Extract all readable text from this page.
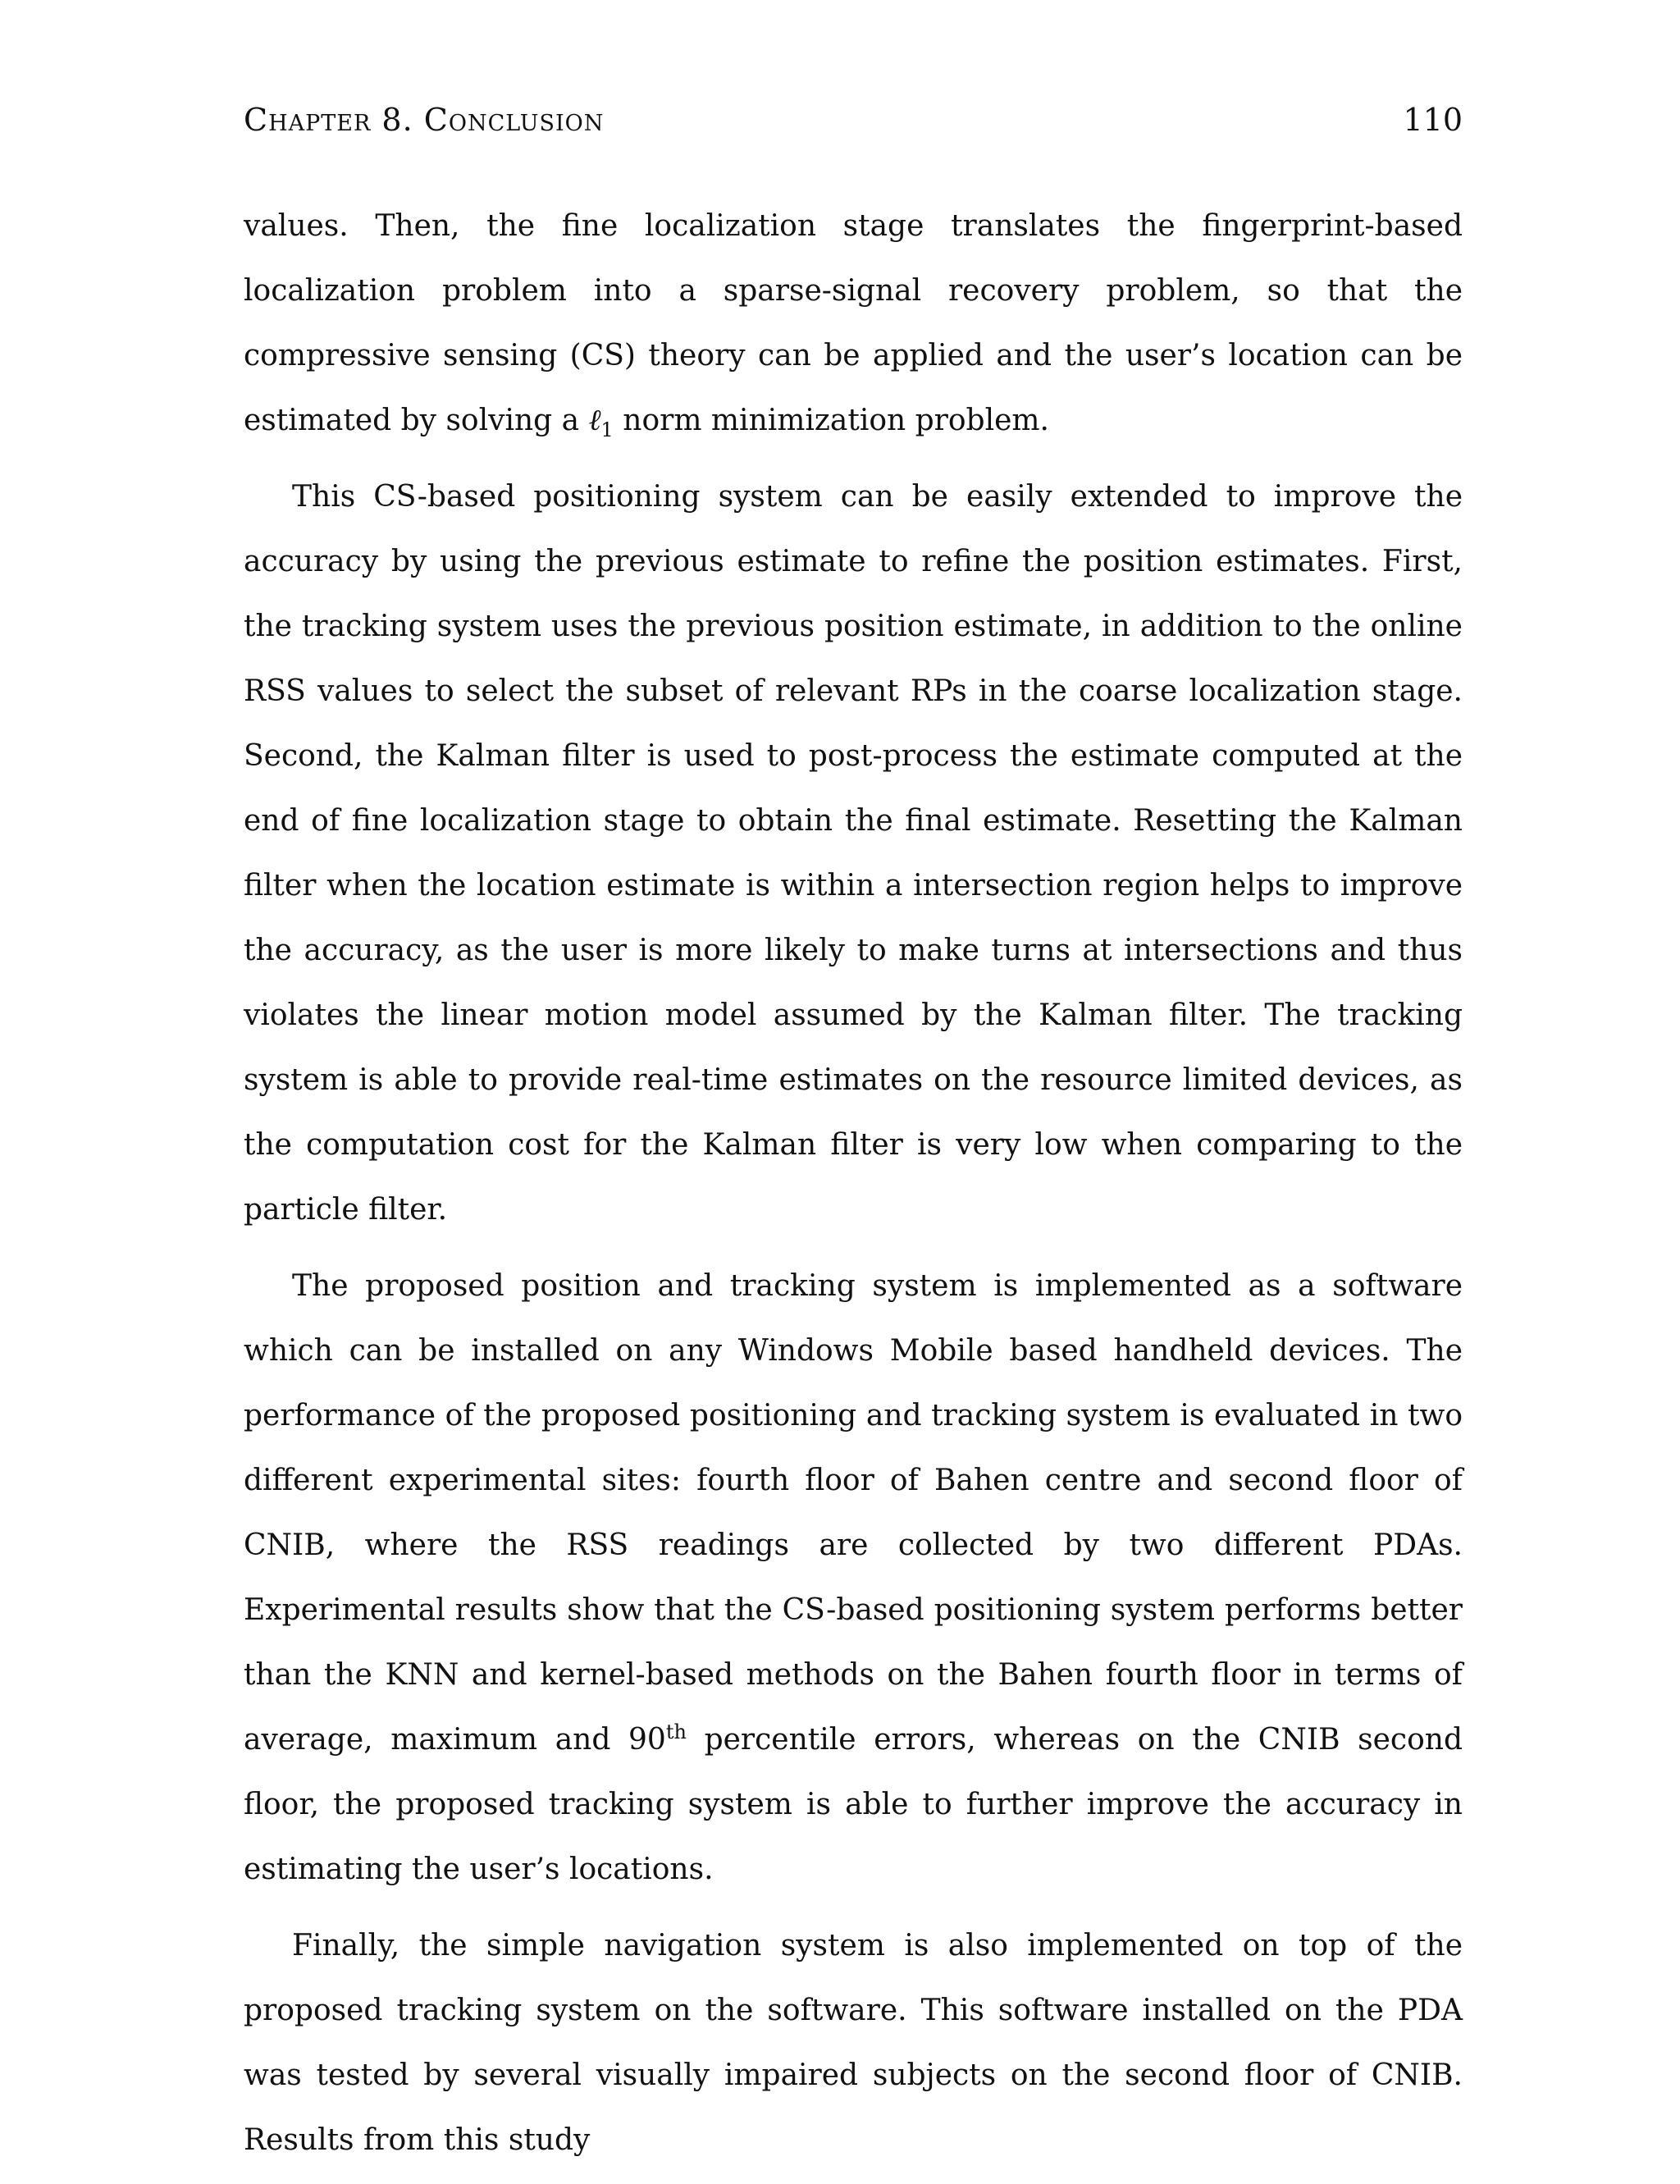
Chapter 8. Conclusion	110

values. Then, the fine localization stage translates the fingerprint-based localization problem into a sparse-signal recovery problem, so that the compressive sensing (CS) theory can be applied and the user’s location can be estimated by solving a ℓ$_1$ norm minimization problem.

This CS-based positioning system can be easily extended to improve the accuracy by using the previous estimate to refine the position estimates. First, the tracking system uses the previous position estimate, in addition to the online RSS values to select the subset of relevant RPs in the coarse localization stage. Second, the Kalman filter is used to post-process the estimate computed at the end of fine localization stage to obtain the final estimate. Resetting the Kalman filter when the location estimate is within a intersection region helps to improve the accuracy, as the user is more likely to make turns at intersections and thus violates the linear motion model assumed by the Kalman filter. The tracking system is able to provide real-time estimates on the resource limited devices, as the computation cost for the Kalman filter is very low when comparing to the particle filter.

The proposed position and tracking system is implemented as a software which can be installed on any Windows Mobile based handheld devices. The performance of the proposed positioning and tracking system is evaluated in two different experimental sites: fourth floor of Bahen centre and second floor of CNIB, where the RSS readings are collected by two different PDAs. Experimental results show that the CS-based positioning system performs better than the KNN and kernel-based methods on the Bahen fourth floor in terms of average, maximum and 90th percentile errors, whereas on the CNIB second floor, the proposed tracking system is able to further improve the accuracy in estimating the user’s locations.

Finally, the simple navigation system is also implemented on top of the proposed tracking system on the software. This software installed on the PDA was tested by several visually impaired subjects on the second floor of CNIB. Results from this study
